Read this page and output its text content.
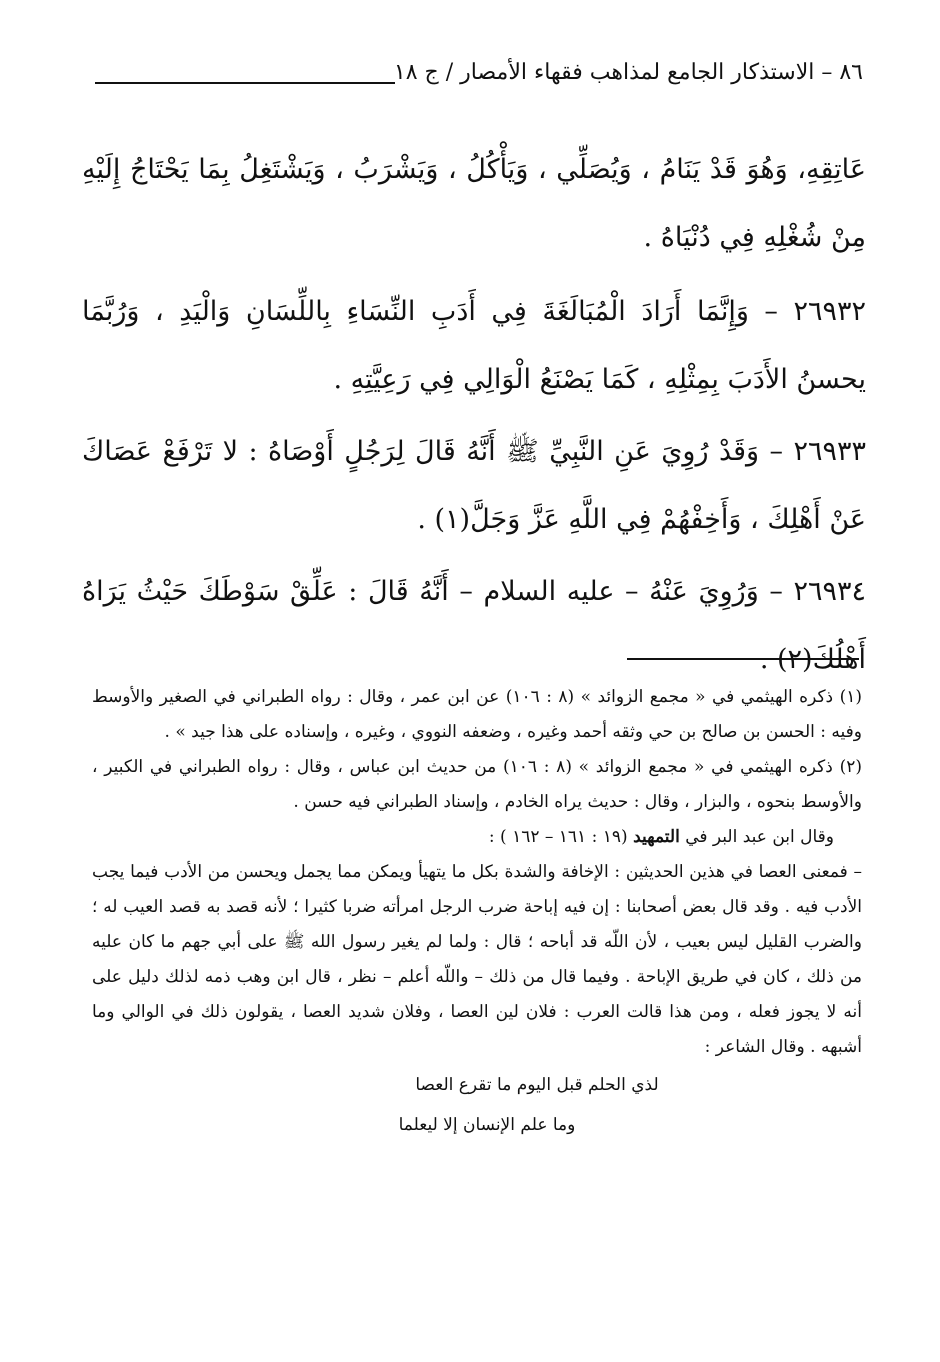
٨٦ – الاستذكار الجامع لمذاهب فقهاء الأمصار / ج ١٨

عَاتِقِهِ، وَهُوَ قَدْ يَنَامُ ، وَيُصَلِّي ، وَيَأْكُلُ ، وَيَشْرَبُ ، وَيَشْتَغِلُ بِمَا يَحْتَاجُ إِلَيْهِ مِنْ شُغْلِهِ فِي دُنْيَاهُ .

٢٦٩٣٢ – وَإِنَّمَا أَرَادَ الْمُبَالَغَةَ فِي أَدَبِ النِّسَاءِ بِاللِّسَانِ وَالْيَدِ ، وَرُبَّمَا يحسنُ الأَدَبَ بِمِثْلِهِ ، كَمَا يَصْنَعُ الْوَالِي فِي رَعِيَّتِهِ .

٢٦٩٣٣ – وَقَدْ رُوِيَ عَنِ النَّبِيِّ ﷺ أَنَّهُ قَالَ لِرَجُلٍ أَوْصَاهُ : لا تَرْفَعْ عَصَاكَ عَنْ أَهْلِكَ ، وَأَخِفْهُمْ فِي اللَّهِ عَزَّ وَجَلَّ(١) .

٢٦٩٣٤ – وَرُوِيَ عَنْهُ – عليه السلام – أَنَّهُ قَالَ : عَلِّقْ سَوْطَكَ حَيْثُ يَرَاهُ أَهْلُكَ(٢) .

(١) ذكره الهيثمي في « مجمع الزوائد » (٨ : ١٠٦) عن ابن عمر ، وقال : رواه الطبراني في الصغير والأوسط وفيه : الحسن بن صالح بن حي وثقه أحمد وغيره ، وضعفه النووي ، وغيره ، وإسناده على هذا جيد » .

(٢) ذكره الهيثمي في « مجمع الزوائد » (٨ : ١٠٦) من حديث ابن عباس ، وقال : رواه الطبراني في الكبير ، والأوسط بنحوه ، والبزار ، وقال : حديث يراه الخادم ، وإسناد الطبراني فيه حسن .

وقال ابن عبد البر في التمهيد (١٩ : ١٦١ – ١٦٢ ) :

– فمعنى العصا في هذين الحديثين : الإخافة والشدة بكل ما يتهيأ ويمكن مما يجمل ويحسن من الأدب فيما يجب الأدب فيه . وقد قال بعض أصحابنا : إن فيه إباحة ضرب الرجل امرأته ضربا كثيرا ؛ لأنه قصد به قصد العيب له ؛ والضرب القليل ليس بعيب ، لأن اللّه قد أباحه ؛ قال : ولما لم يغير رسول الله ﷺ على أبي جهم ما كان عليه من ذلك ، كان في طريق الإباحة . وفيما قال من ذلك – واللّه أعلم – نظر ، قال ابن وهب ذمه لذلك دليل على أنه لا يجوز فعله ، ومن هذا قالت العرب : فلان لين العصا ، وفلان شديد العصا ، يقولون ذلك في الوالي وما أشبهه . وقال الشاعر :

لذي الحلم قبل اليوم ما تقرع العصا

وما علم الإنسان إلا ليعلما
